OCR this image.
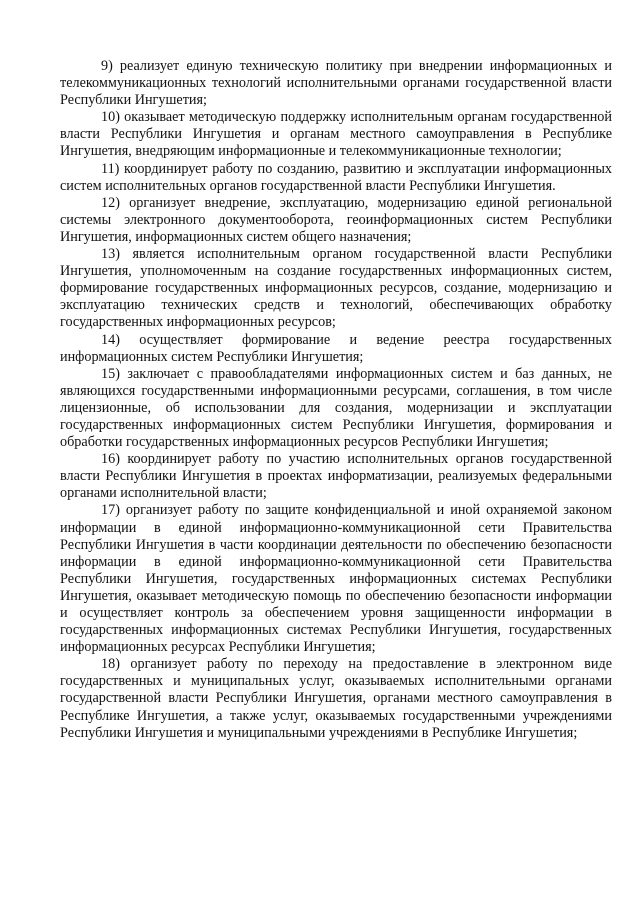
9) реализует единую техническую политику при внедрении информационных и телекоммуникационных технологий исполнительными органами государственной власти Республики Ингушетия;

10) оказывает методическую поддержку исполнительным органам государственной власти Республики Ингушетия и органам местного самоуправления в Республике Ингушетия, внедряющим информационные и телекоммуникационные технологии;

11) координирует работу по созданию, развитию и эксплуатации информационных систем исполнительных органов государственной власти Республики Ингушетия.

12) организует внедрение, эксплуатацию, модернизацию единой региональной системы электронного документооборота, геоинформационных систем Республики Ингушетия, информационных систем общего назначения;

13) является исполнительным органом государственной власти Республики Ингушетия, уполномоченным на создание государственных информационных систем, формирование государственных информационных ресурсов, создание, модернизацию и эксплуатацию технических средств и технологий, обеспечивающих обработку государственных информационных ресурсов;

14) осуществляет формирование и ведение реестра государственных информационных систем Республики Ингушетия;

15) заключает с правообладателями информационных систем и баз данных, не являющихся государственными информационными ресурсами, соглашения, в том числе лицензионные, об использовании для создания, модернизации и эксплуатации государственных информационных систем Республики Ингушетия, формирования и обработки государственных информационных ресурсов Республики Ингушетия;

16) координирует работу по участию исполнительных органов государственной власти Республики Ингушетия в проектах информатизации, реализуемых федеральными органами исполнительной власти;

17) организует работу по защите конфиденциальной и иной охраняемой законом информации в единой информационно-коммуникационной сети Правительства Республики Ингушетия в части координации деятельности по обеспечению безопасности информации в единой информационно-коммуникационной сети Правительства Республики Ингушетия, государственных информационных системах Республики Ингушетия, оказывает методическую помощь по обеспечению безопасности информации и осуществляет контроль за обеспечением уровня защищенности информации в государственных информационных системах Республики Ингушетия, государственных информационных ресурсах Республики Ингушетия;

18) организует работу по переходу на предоставление в электронном виде государственных и муниципальных услуг, оказываемых исполнительными органами государственной власти Республики Ингушетия, органами местного самоуправления в Республике Ингушетия, а также услуг, оказываемых государственными учреждениями Республики Ингушетия и муниципальными учреждениями в Республике Ингушетия;
